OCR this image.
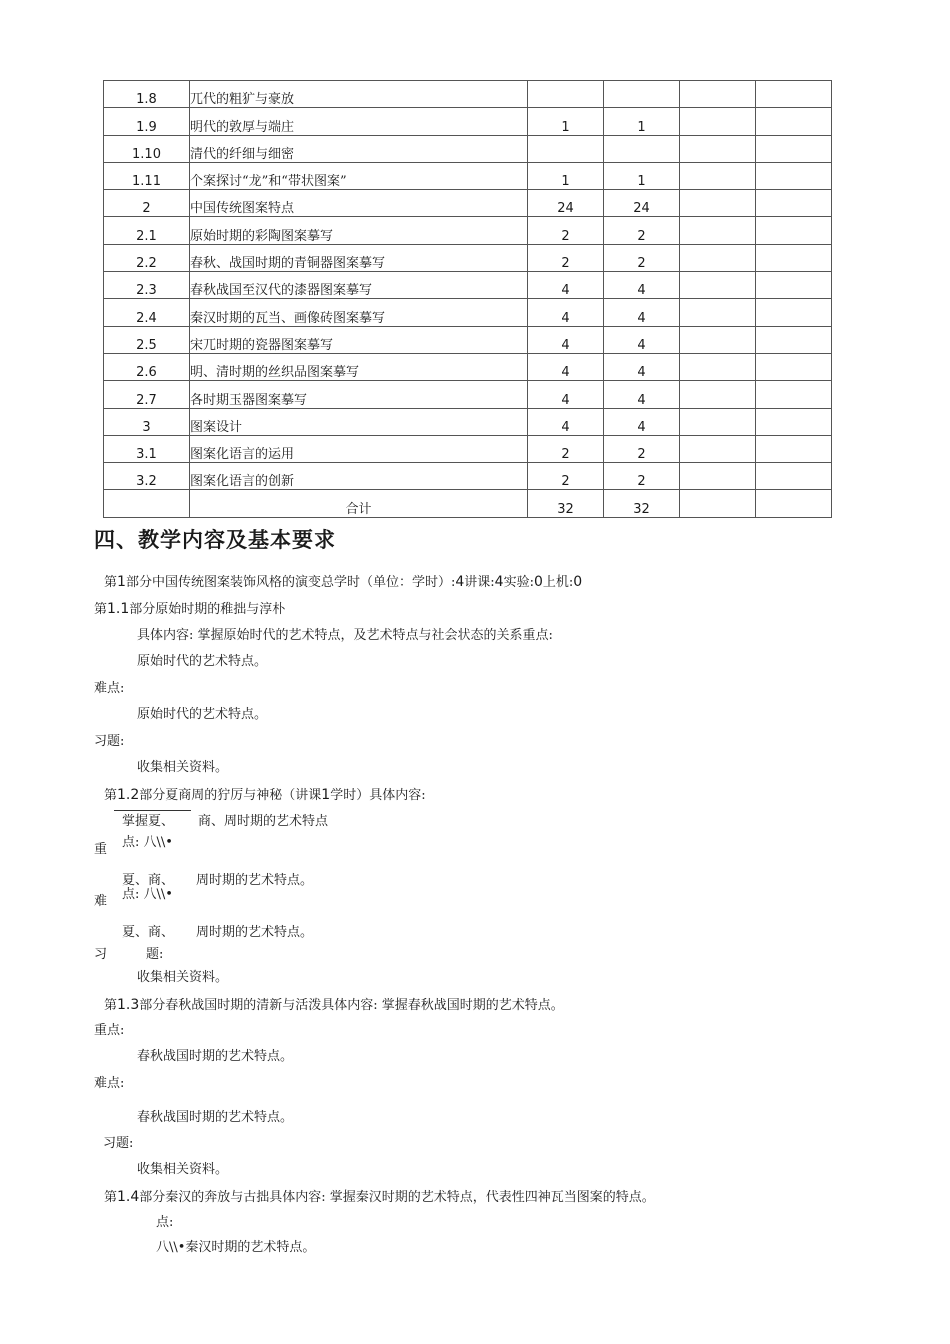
1.8	兀代的粗犷与豪放				
1.9	明代的敦厚与端庄	1	1		
1.10	清代的纤细与细密				
1.11	个案探讨“龙”和“带状图案”	1	1		
2	中国传统图案特点	24	24		
2.1	原始时期的彩陶图案摹写	2	2		
2.2	春秋、战国时期的青铜器图案摹写	2	2		
2.3	春秋战国至汉代的漆器图案摹写	4	4		
2.4	秦汉时期的瓦当、画像砖图案摹写	4	4		
2.5	宋兀时期的瓷器图案摹写	4	4		
2.6	明、清时期的丝织品图案摹写	4	4		
2.7	各时期玉器图案摹写	4	4		
3	图案设计	4	4		
3.1	图案化语言的运用	2	2		
3.2	图案化语言的创新	2	2		
	合计	32	32		
四、教学内容及基本要求
第1部分中国传统图案装饰风格的演变总学时（单位：学时）:4讲课:4实验:0上机:0
第1.1部分原始时期的稚拙与淳朴
具体内容: 掌握原始时代的艺术特点，及艺术特点与社会状态的关系重点:
原始时代的艺术特点。
难点:
原始时代的艺术特点。
习题:
收集相关资料。
第1.2部分夏商周的狞厉与神秘（讲课1学时）具体内容:
掌握夏、 商、周时期的艺术特点
点: 八\\•
重
夏、商、 周时期的艺术特点。
点: 八\\•
难
夏、商、 周时期的艺术特点。
习	题:
收集相关资料。
第1.3部分春秋战国时期的清新与活泼具体内容: 掌握春秋战国时期的艺术特点。
重点:
春秋战国时期的艺术特点。
难点:
春秋战国时期的艺术特点。
习题:
收集相关资料。
第1.4部分秦汉的奔放与古拙具体内容: 掌握秦汉时期的艺术特点，代表性四神瓦当图案的特点。
点:
八\\•秦汉时期的艺术特点。
